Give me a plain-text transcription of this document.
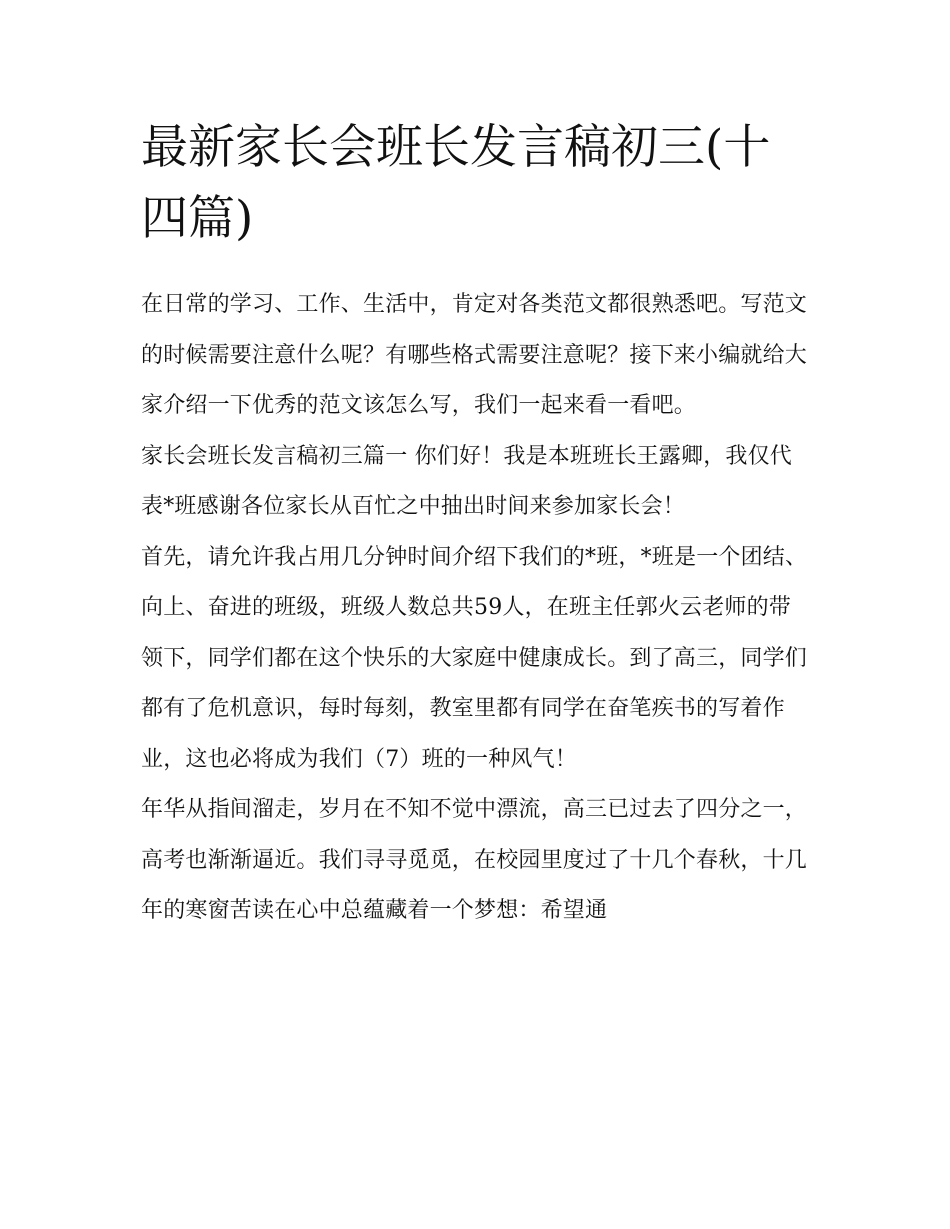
最新家长会班长发言稿初三(十四篇)

在日常的学习、工作、生活中，肯定对各类范文都很熟悉吧。写范文的时候需要注意什么呢？有哪些格式需要注意呢？接下来小编就给大家介绍一下优秀的范文该怎么写，我们一起来看一看吧。

家长会班长发言稿初三篇一 你们好！我是本班班长王露卿，我仅代表*班感谢各位家长从百忙之中抽出时间来参加家长会！

首先，请允许我占用几分钟时间介绍下我们的*班，*班是一个团结、向上、奋进的班级，班级人数总共59人，在班主任郭火云老师的带领下，同学们都在这个快乐的大家庭中健康成长。到了高三，同学们都有了危机意识，每时每刻，教室里都有同学在奋笔疾书的写着作业，这也必将成为我们（7）班的一种风气！

年华从指间溜走，岁月在不知不觉中漂流，高三已过去了四分之一，高考也渐渐逼近。我们寻寻觅觅，在校园里度过了十几个春秋，十几年的寒窗苦读在心中总蕴藏着一个梦想：希望通
